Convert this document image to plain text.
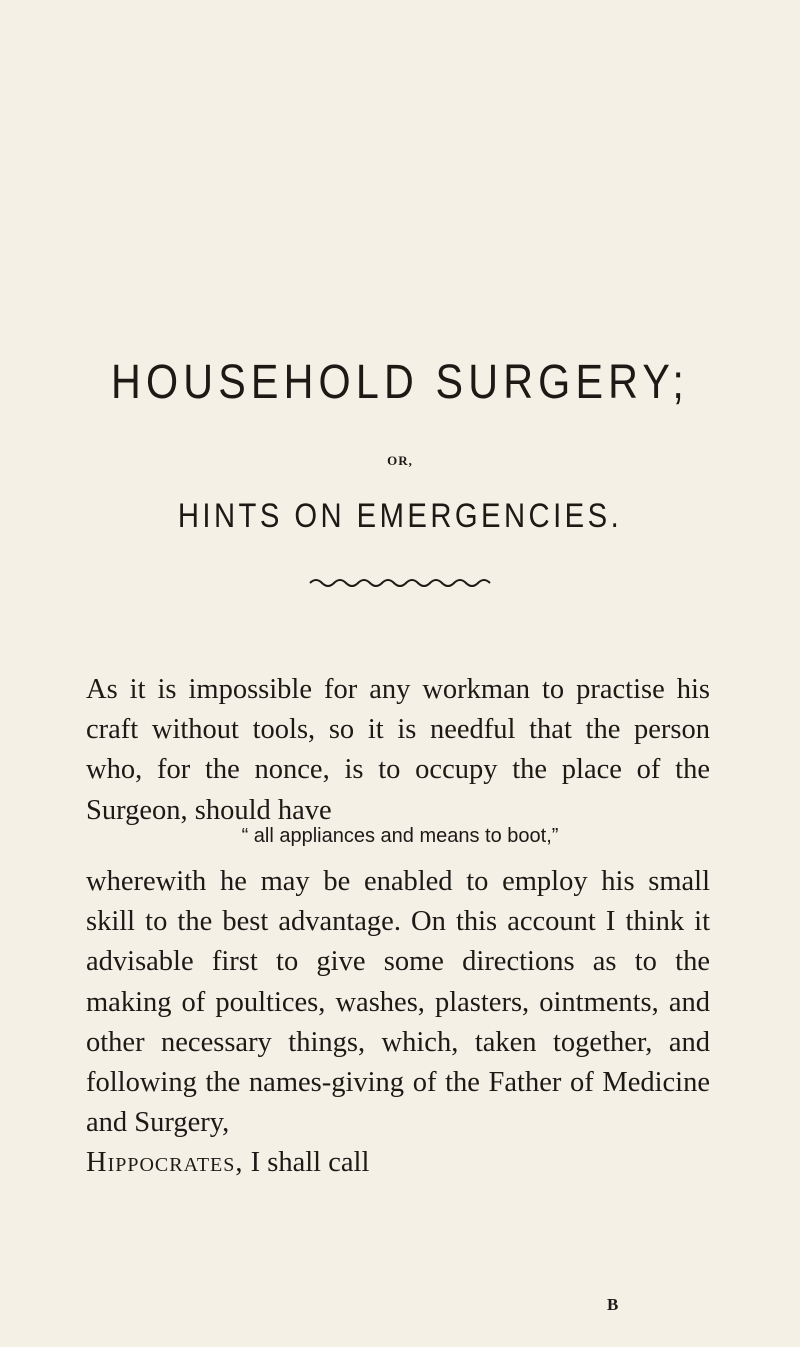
HOUSEHOLD SURGERY;
OR,
HINTS ON EMERGENCIES.

As it is impossible for any workman to practise his craft without tools, so it is needful that the person who, for the nonce, is to occupy the place of the Surgeon, should have

“ all appliances and means to boot,”

wherewith he may be enabled to employ his small skill to the best advantage. On this account I think it advisable first to give some directions as to the making of poultices, washes, plasters, ointments, and other necessary things, which, taken together, and following the names-giving of the Father of Medicine and Surgery,
Hippocrates, I shall call

B
